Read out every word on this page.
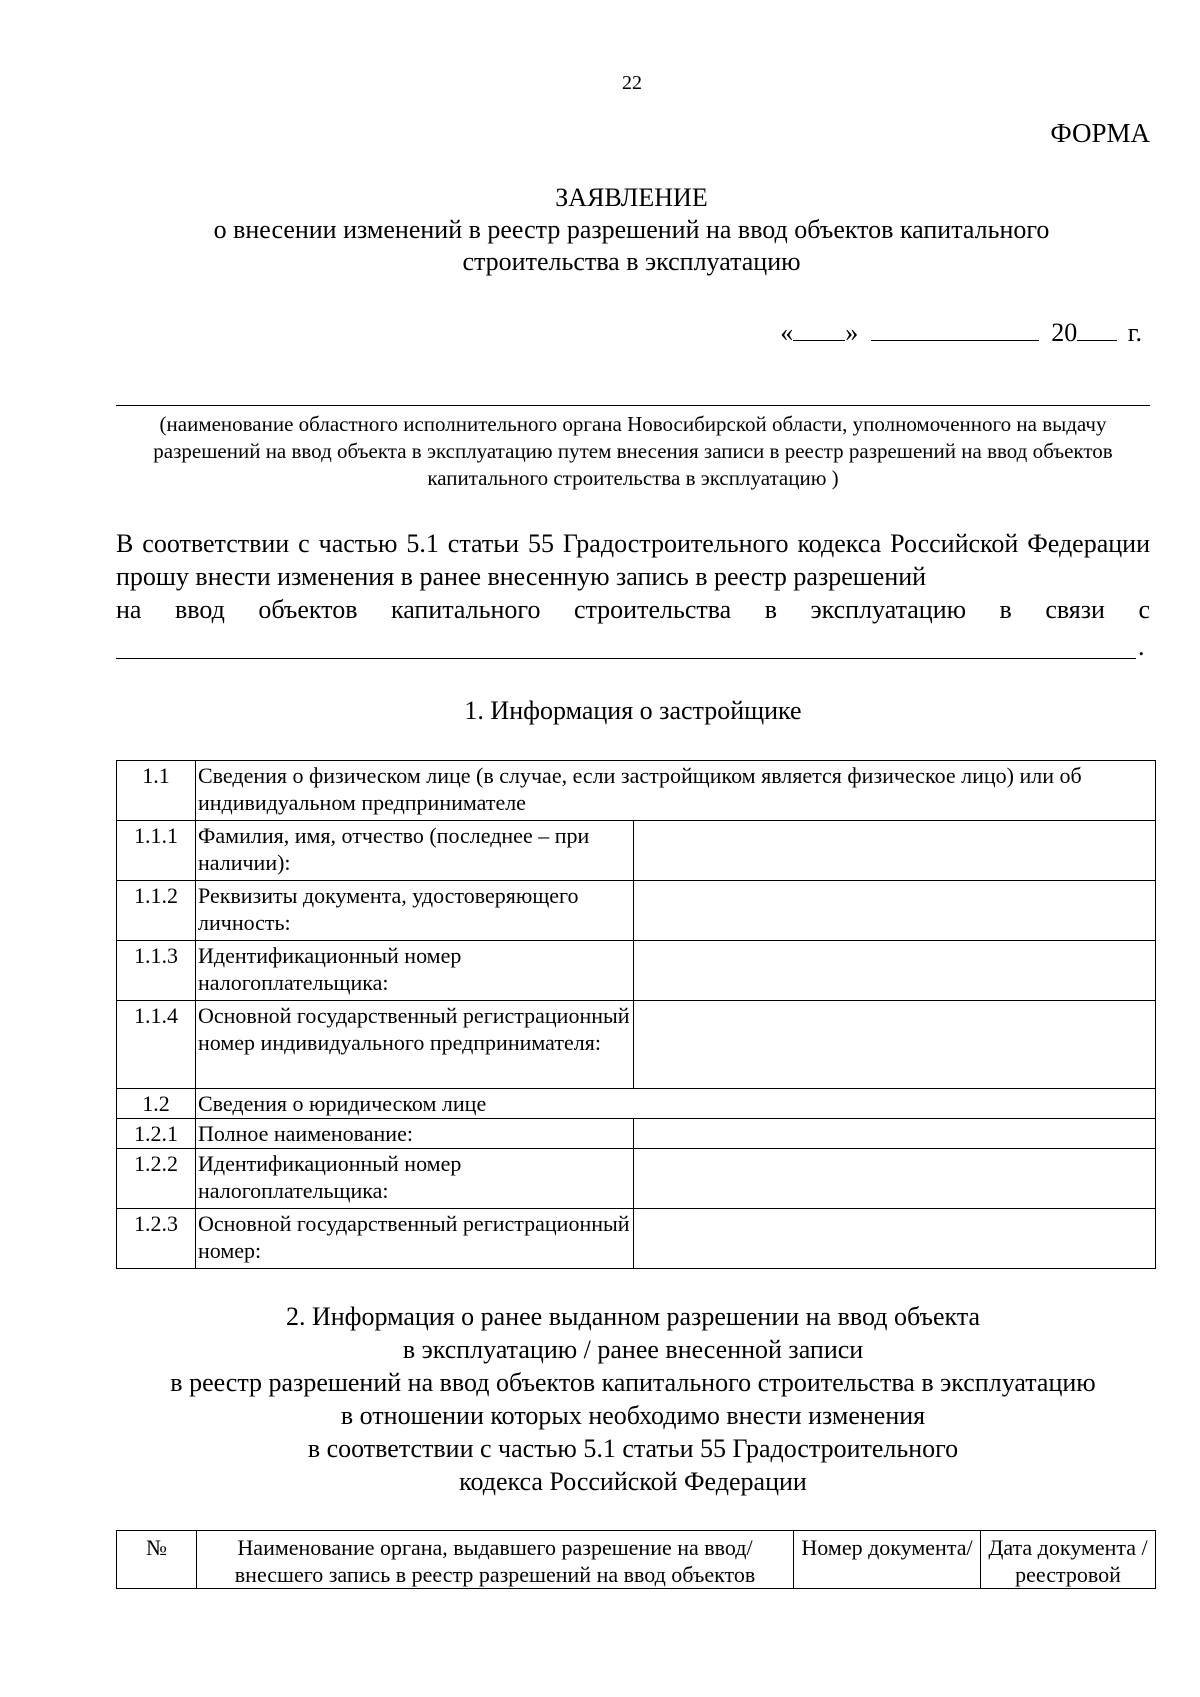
22
ФОРМА
ЗАЯВЛЕНИЕ
о внесении изменений в реестр разрешений на ввод объектов капитального
строительства в эксплуатацию
« »	20 г.
(наименование областного исполнительного органа Новосибирской области, уполномоченного на выдачу разрешений на ввод объекта в эксплуатацию путем внесения записи в реестр разрешений на ввод объектов капитального строительства в эксплуатацию )
В соответствии с частью 5.1 статьи 55 Градостроительного кодекса Российской Федерации прошу внести изменения в ранее внесенную запись в реестр разрешений
на ввод объектов капитального строительства в эксплуатацию в связи с
.
1. Информация о застройщике
1.1	Сведения о физическом лице (в случае, если застройщиком является физическое лицо) или об индивидуальном предпринимателе	
1.1.1	Фамилия, имя, отчество (последнее – при наличии):	
1.1.2	Реквизиты документа, удостоверяющего личность:	
1.1.3	Идентификационный номер налогоплательщика:	
1.1.4	Основной государственный регистрационный номер индивидуального предпринимателя:	
1.2	Сведения о юридическом лице	
1.2.1	Полное наименование:	
1.2.2	Идентификационный номер налогоплательщика:	
1.2.3	Основной государственный регистрационный номер:	
2. Информация о ранее выданном разрешении на ввод объекта
в эксплуатацию / ранее внесенной записи
в реестр разрешений на ввод объектов капитального строительства в эксплуатацию
в отношении которых необходимо внести изменения
в соответствии с частью 5.1 статьи 55 Градостроительного
кодекса Российской Федерации
№	Наименование органа, выдавшего разрешение на ввод/ внесшего запись в реестр разрешений на ввод объектов	Номер документа/	Дата документа /реестровой
